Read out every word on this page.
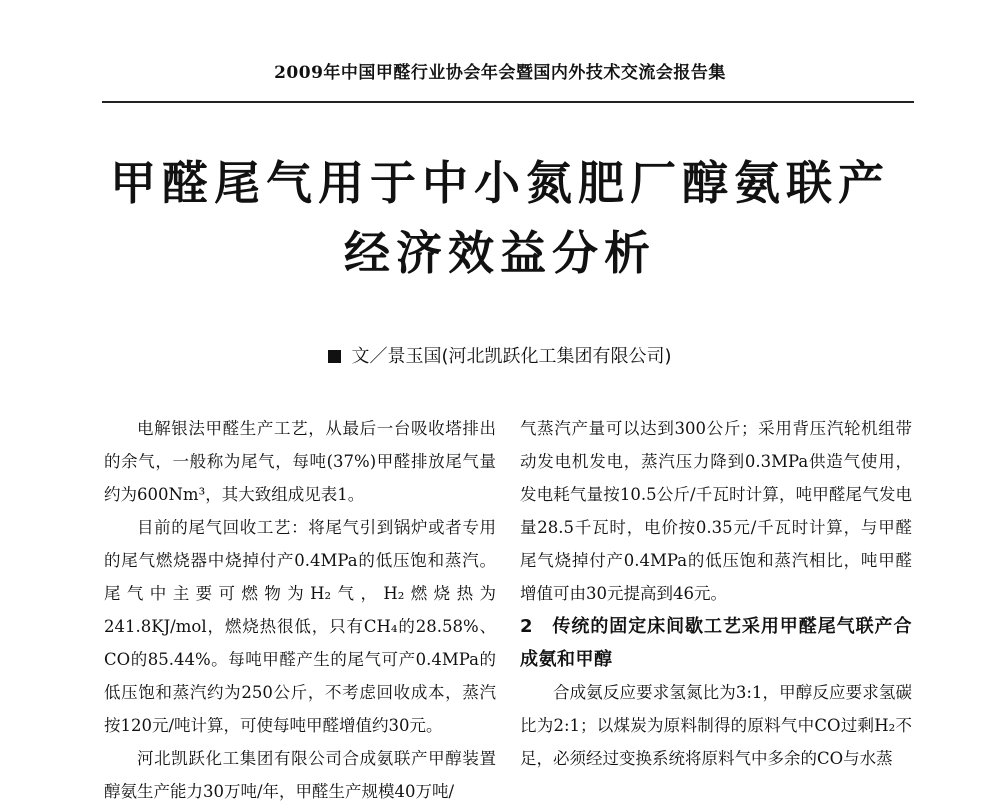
2009年中国甲醛行业协会年会暨国内外技术交流会报告集
甲醛尾气用于中小氮肥厂醇氨联产
经济效益分析
文／景玉国(河北凯跃化工集团有限公司)

电解银法甲醛生产工艺，从最后一台吸收塔排出的余气，一般称为尾气，每吨(37%)甲醛排放尾气量约为600Nm³，其大致组成见表1。

目前的尾气回收工艺：将尾气引到锅炉或者专用的尾气燃烧器中烧掉付产0.4MPa的低压饱和蒸汽。尾气中主要可燃物为H₂气，H₂燃烧热为241.8KJ/mol，燃烧热很低，只有CH₄的28.58%、CO的85.44%。每吨甲醛产生的尾气可产0.4MPa的低压饱和蒸汽约为250公斤，不考虑回收成本，蒸汽按120元/吨计算，可使每吨甲醛增值约30元。

河北凯跃化工集团有限公司合成氨联产甲醇装置醇氨生产能力30万吨/年，甲醛生产规模40万吨/

气蒸汽产量可以达到300公斤；采用背压汽轮机组带动发电机发电，蒸汽压力降到0.3MPa供造气使用，发电耗气量按10.5公斤/千瓦时计算，吨甲醛尾气发电量28.5千瓦时，电价按0.35元/千瓦时计算，与甲醛尾气烧掉付产0.4MPa的低压饱和蒸汽相比，吨甲醛增值可由30元提高到46元。

2　传统的固定床间歇工艺采用甲醛尾气联产合成氨和甲醇

合成氨反应要求氢氮比为3:1，甲醇反应要求氢碳比为2:1；以煤炭为原料制得的原料气中CO过剩H₂不足，必须经过变换系统将原料气中多余的CO与水蒸
